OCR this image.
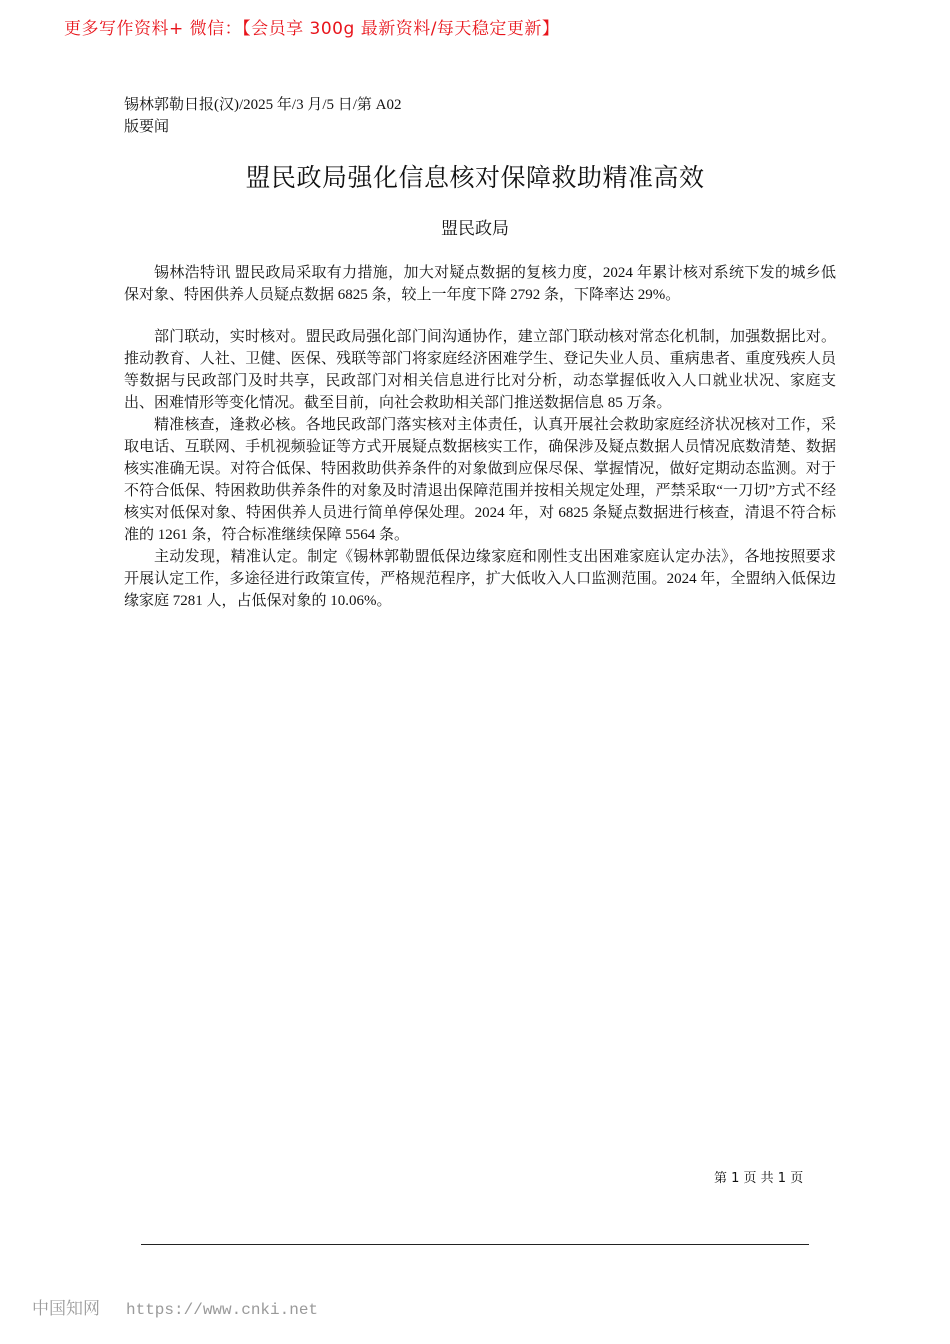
更多写作资料+ 微信：【会员享 300g 最新资料/每天稳定更新】
锡林郭勒日报(汉)/2025 年/3 月/5 日/第 A02
版要闻
盟民政局强化信息核对保障救助精准高效
盟民政局

锡林浩特讯 盟民政局采取有力措施，加大对疑点数据的复核力度，2024 年累计核对系统下发的城乡低保对象、特困供养人员疑点数据 6825 条，较上一年度下降 2792 条，下降率达 29%。

部门联动，实时核对。盟民政局强化部门间沟通协作，建立部门联动核对常态化机制，加强数据比对。推动教育、人社、卫健、医保、残联等部门将家庭经济困难学生、登记失业人员、重病患者、重度残疾人员等数据与民政部门及时共享，民政部门对相关信息进行比对分析，动态掌握低收入人口就业状况、家庭支出、困难情形等变化情况。截至目前，向社会救助相关部门推送数据信息 85 万条。

精准核查，逢救必核。各地民政部门落实核对主体责任，认真开展社会救助家庭经济状况核对工作，采取电话、互联网、手机视频验证等方式开展疑点数据核实工作，确保涉及疑点数据人员情况底数清楚、数据核实准确无误。对符合低保、特困救助供养条件的对象做到应保尽保、掌握情况，做好定期动态监测。对于不符合低保、特困救助供养条件的对象及时清退出保障范围并按相关规定处理，严禁采取“一刀切”方式不经核实对低保对象、特困供养人员进行简单停保处理。2024 年，对 6825 条疑点数据进行核查，清退不符合标准的 1261 条，符合标准继续保障 5564 条。

主动发现，精准认定。制定《锡林郭勒盟低保边缘家庭和刚性支出困难家庭认定办法》，各地按照要求开展认定工作，多途径进行政策宣传，严格规范程序，扩大低收入人口监测范围。2024 年，全盟纳入低保边缘家庭 7281 人，占低保对象的 10.06%。

第 1 页 共 1 页
中国知网 https://www.cnki.net
